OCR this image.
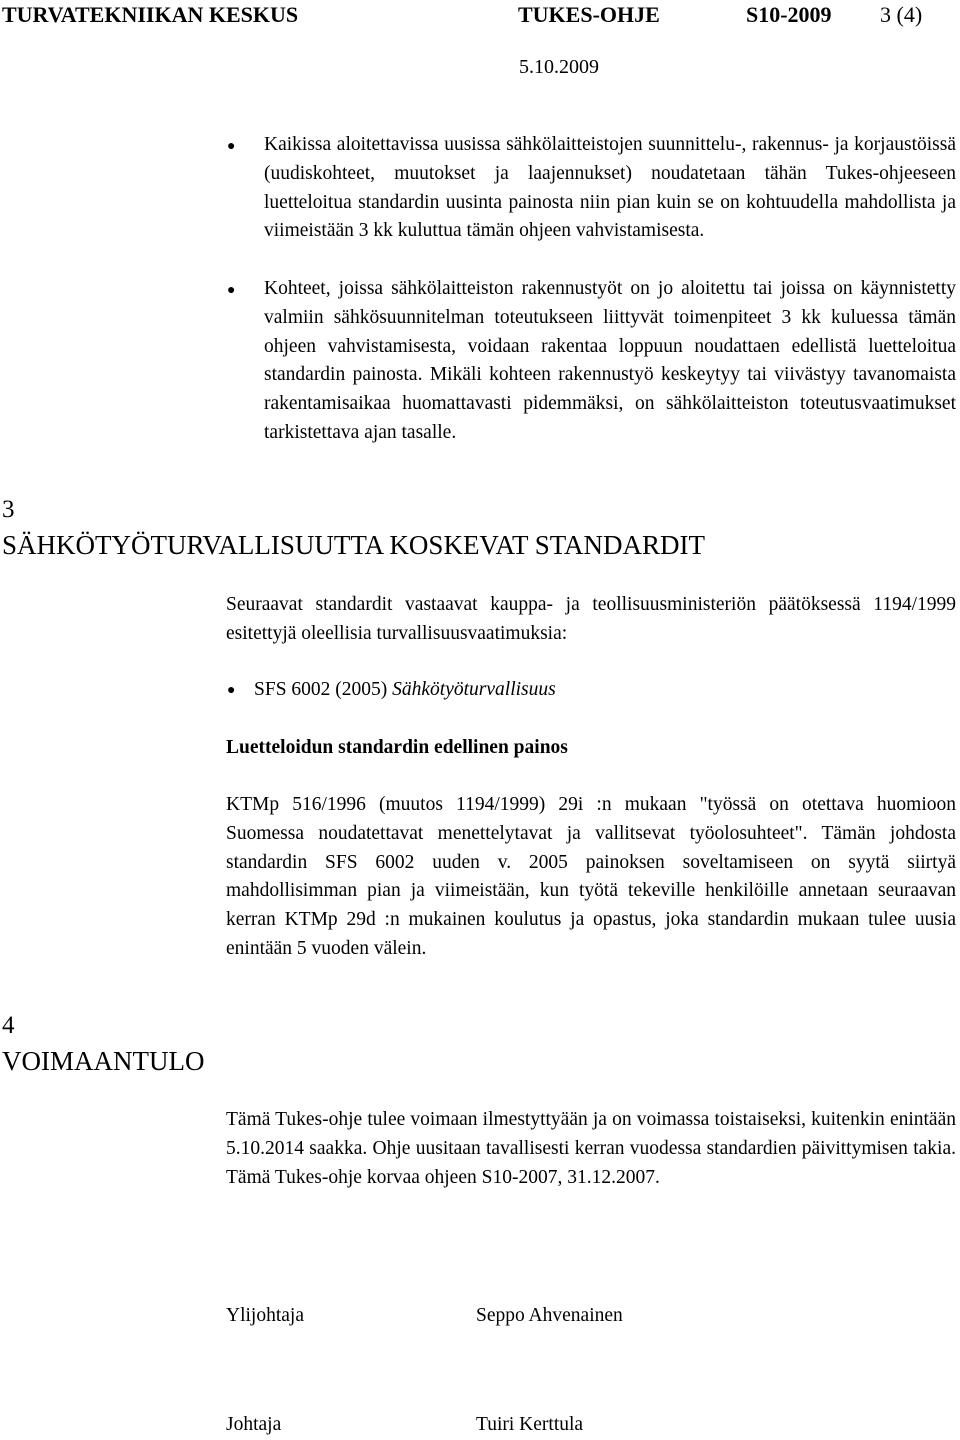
TURVATEKNIIKAN KESKUS	TUKES-OHJE	S10-2009 3 (4)
5.10.2009
● Kaikissa aloitettavissa uusissa sähkölaitteistojen suunnittelu-, rakennus- ja korjaustöissä (uudiskohteet, muutokset ja laajennukset) noudatetaan tähän Tukes-ohjeeseen luetteloitua standardin uusinta painosta niin pian kuin se on kohtuudella mahdollista ja viimeistään 3 kk kuluttua tämän ohjeen vahvistamisesta.
● Kohteet, joissa sähkölaitteiston rakennustyöt on jo aloitettu tai joissa on käynnistetty valmiin sähkösuunnitelman toteutukseen liittyvät toimenpiteet 3 kk kuluessa tämän ohjeen vahvistamisesta, voidaan rakentaa loppuun noudattaen edellistä luetteloitua standardin painosta. Mikäli kohteen rakennustyö keskeytyy tai viivästyy tavanomaista rakentamisaikaa huomattavasti pidemmäksi, on sähkölaitteiston toteutusvaatimukset tarkistettava ajan tasalle.
3
SÄHKÖTYÖTURVALLISUUTTA KOSKEVAT STANDARDIT
Seuraavat standardit vastaavat kauppa- ja teollisuusministeriön päätöksessä 1194/1999 esitettyjä oleellisia turvallisuusvaatimuksia:
● SFS 6002 (2005) Sähkötyöturvallisuus
Luetteloidun standardin edellinen painos
KTMp 516/1996 (muutos 1194/1999) 29i :n mukaan "työssä on otettava huomioon Suomessa noudatettavat menettelytavat ja vallitsevat työolosuhteet". Tämän johdosta standardin SFS 6002 uuden v. 2005 painoksen soveltamiseen on syytä siirtyä mahdollisimman pian ja viimeistään, kun työtä tekeville henkilöille annetaan seuraavan kerran KTMp 29d :n mukainen koulutus ja opastus, joka standardin mukaan tulee uusia enintään 5 vuoden välein.
4
VOIMAANTULO
Tämä Tukes-ohje tulee voimaan ilmestyttyään ja on voimassa toistaiseksi, kuitenkin enintään 5.10.2014 saakka. Ohje uusitaan tavallisesti kerran vuodessa standardien päivittymisen takia. Tämä Tukes-ohje korvaa ohjeen S10-2007, 31.12.2007.
Ylijohtaja	Seppo Ahvenainen
Johtaja	Tuiri Kerttula
